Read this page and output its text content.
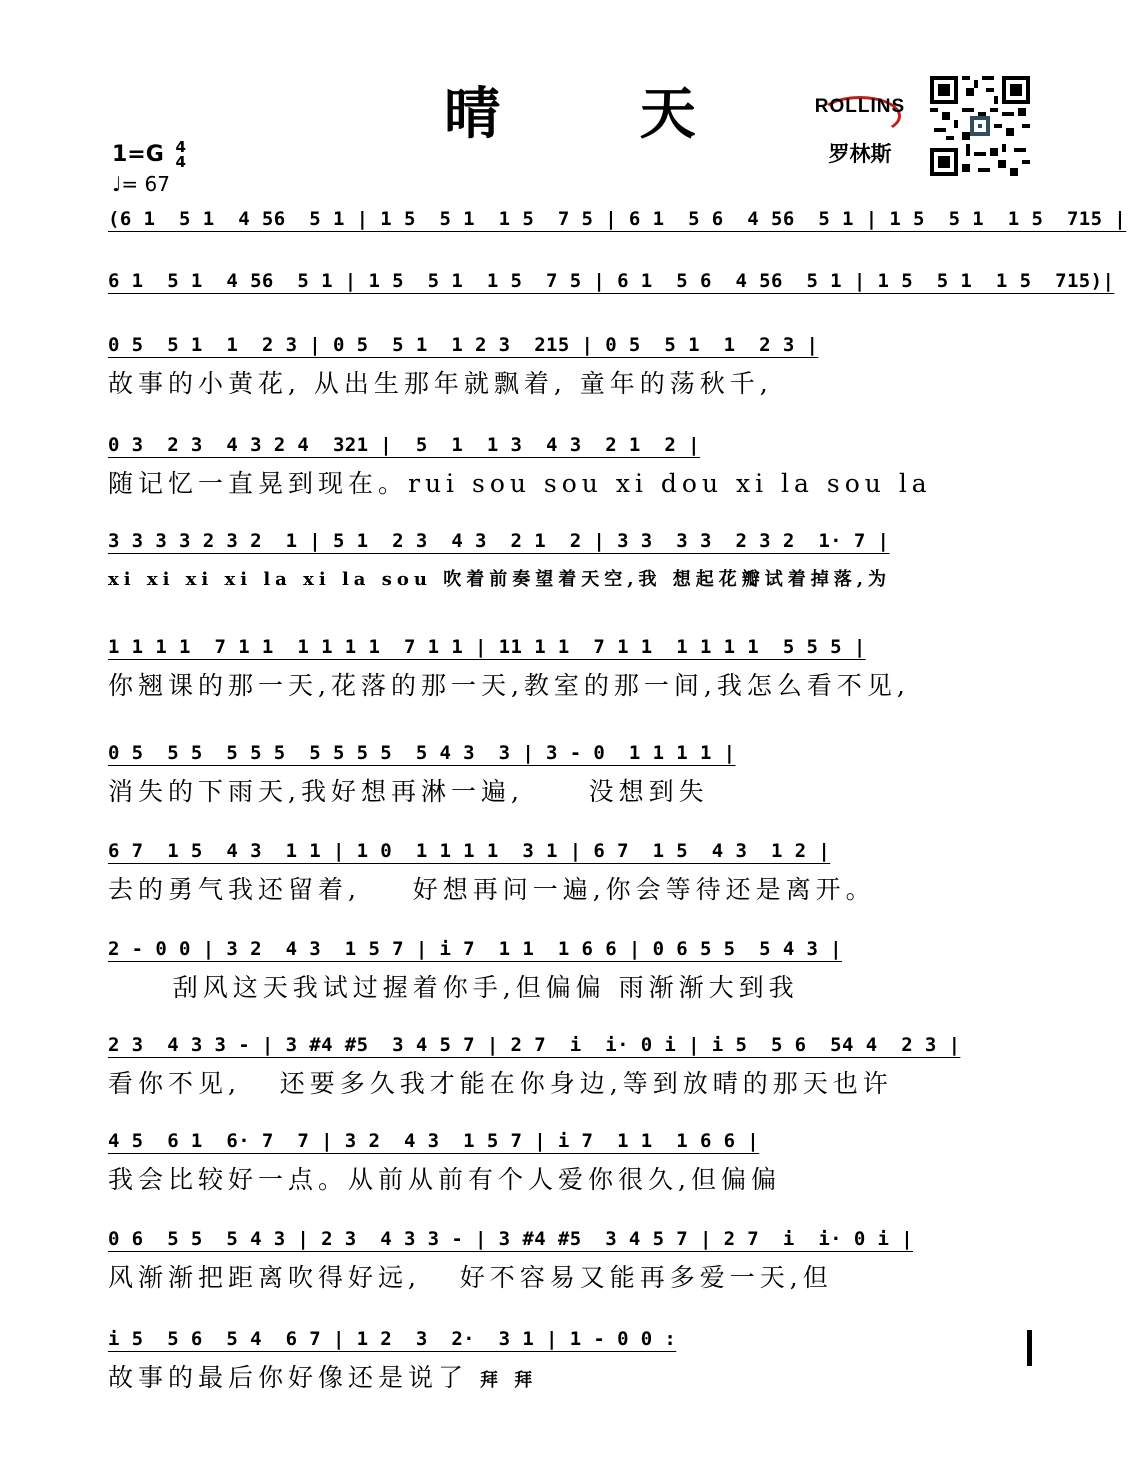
晴 天
1=G 4
4
♩= 67
ROLLINS
罗林斯
(6 1  5 1  4 56  5 1 | 1 5  5 1  1 5  7 5 | 6 1  5 6  4 56  5 1 | 1 5  5 1  1 5  715 |
6 1  5 1  4 56  5 1 | 1 5  5 1  1 5  7 5 | 6 1  5 6  4 56  5 1 | 1 5  5 1  1 5  715)|
0 5  5 1  1  2 3 | 0 5  5 1  1 2 3  215 | 0 5  5 1  1  2 3 |
故事的小黄花, 从出生那年就飘着, 童年的荡秋千,
0 3  2 3  4 3 2 4  321 |  5  1  1 3  4 3  2 1  2 |
随记忆一直晃到现在。rui sou sou xi dou xi la sou la
3 3 3 3 2 3 2  1 | 5 1  2 3  4 3  2 1  2 | 3 3  3 3  2 3 2  1· 7 |
xi xi xi xi la xi la sou 吹着前奏望着天空,我 想起花瓣试着掉落,为
1 1 1 1  7 1 1  1 1 1 1  7 1 1 | 11 1 1  7 1 1  1 1 1 1  5 5 5 |
你翘课的那一天,花落的那一天,教室的那一间,我怎么看不见,
0 5  5 5  5 5 5  5 5 5 5  5 4 3  3 | 3 - 0  1 1 1 1 |
消失的下雨天,我好想再淋一遍,     没想到失
6 7  1 5  4 3  1 1 | 1 0  1 1 1 1  3 1 | 6 7  1 5  4 3  1 2 |
去的勇气我还留着,    好想再问一遍,你会等待还是离开。
2 - 0 0 | 3 2  4 3  1 5 7 | i 7  1 1  1 6 6 | 0 6 5 5  5 4 3 |
刮风这天我试过握着你手,但偏偏 雨渐渐大到我
2 3  4 3 3 - | 3 #4 #5  3 4 5 7 | 2 7  i  i· 0 i | i 5  5 6  54 4  2 3 |
看你不见,   还要多久我才能在你身边,等到放晴的那天也许
4 5  6 1  6· 7  7 | 3 2  4 3  1 5 7 | i 7  1 1  1 6 6 |
我会比较好一点。从前从前有个人爱你很久,但偏偏
0 6  5 5  5 4 3 | 2 3  4 3 3 - | 3 #4 #5  3 4 5 7 | 2 7  i  i· 0 i |
风渐渐把距离吹得好远,   好不容易又能再多爱一天,但
i 5  5 6  5 4  6 7 | 1 2  3  2·  3 1 | 1 - 0 0 :
故事的最后你好像还是说了 拜 拜
